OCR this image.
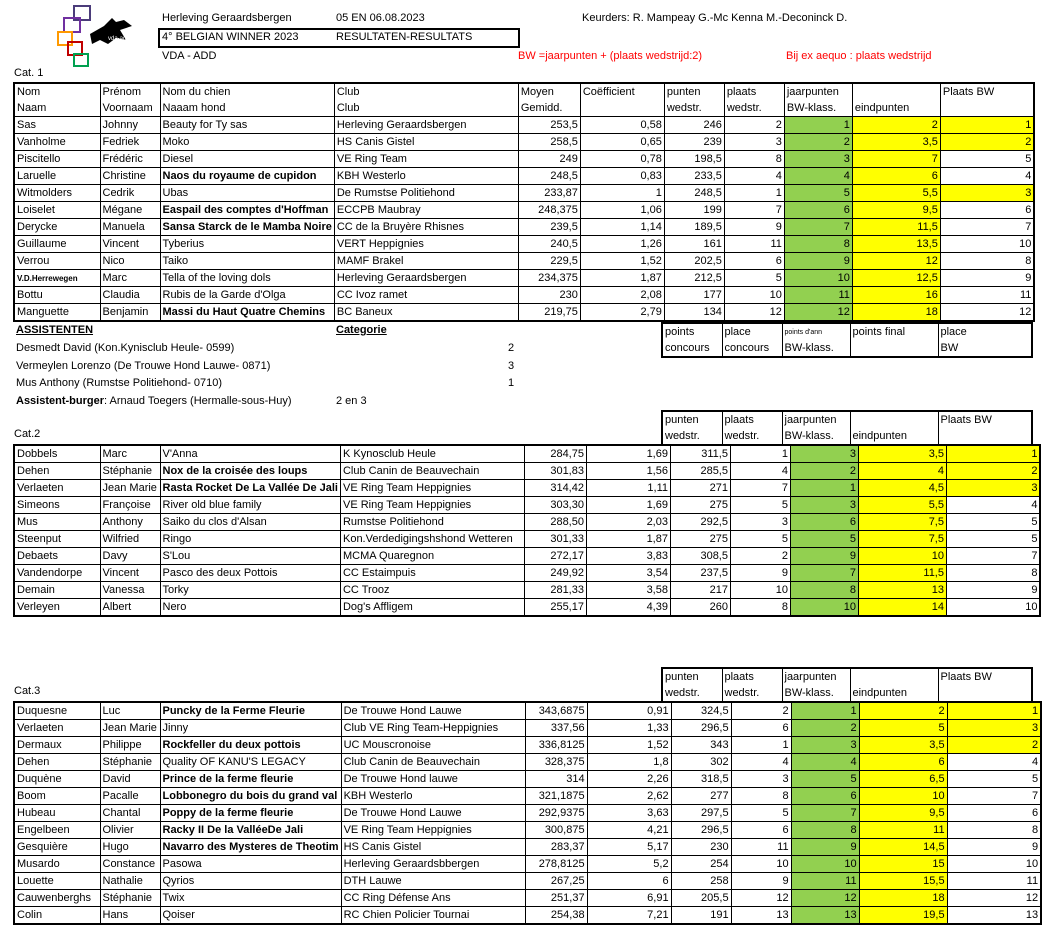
vda-add
Herleving Geraardsbergen	05 EN 06.08.2023	Keurders: R. Mampeay G.-Mc Kenna M.-Deconinck D.
4° BELGIAN WINNER 2023	RESULTATEN-RESULTATS
VDA - ADD	BW =jaarpunten + (plaats wedstrijd:2)	Bij ex aequo : plaats wedstrijd
Cat. 1
Nom	Prénom	Nom du chien	Club	Moyen	Coëfficient	punten	plaats	jaarpunten		Plaats BW
Naam	Voornaam	Naaam hond	Club	Gemidd.		wedstr.	wedstr.	BW-klass.	eindpunten	
Sas	Johnny	Beauty for Ty sas	Herleving Geraardsbergen	253,5	0,58	246	2	1	2	1
Vanholme	Fedriek	Moko	HS Canis Gistel	258,5	0,65	239	3	2	3,5	2
Piscitello	Frédéric	Diesel	VE Ring Team	249	0,78	198,5	8	3	7	5
Laruelle	Christine	Naos du royaume de cupidon	KBH Westerlo	248,5	0,83	233,5	4	4	6	4
Witmolders	Cedrik	Ubas	De Rumstse Politiehond	233,87	1	248,5	1	5	5,5	3
Loiselet	Mégane	Easpail des comptes d'Hoffman	ECCPB Maubray	248,375	1,06	199	7	6	9,5	6
Derycke	Manuela	Sansa Starck de le Mamba Noire	CC de la Bruyère Rhisnes	239,5	1,14	189,5	9	7	11,5	7
Guillaume	Vincent	Tyberius	VERT Heppignies	240,5	1,26	161	11	8	13,5	10
Verrou	Nico	Taiko	MAMF Brakel	229,5	1,52	202,5	6	9	12	8
V.D.Herrewegen	Marc	Tella of the loving dols	Herleving Geraardsbergen	234,375	1,87	212,5	5	10	12,5	9
Bottu	Claudia	Rubis de la Garde d'Olga	CC Ivoz ramet	230	2,08	177	10	11	16	11
Manguette	Benjamin	Massi du Haut Quatre Chemins	BC Baneux	219,75	2,79	134	12	12	18	12
ASSISTENTEN	Categorie
Desmedt David (Kon.Kynisclub Heule- 0599)	2
Vermeylen Lorenzo (De Trouwe Hond Lauwe- 0871)	3
Mus Anthony (Rumstse Politiehond- 0710)	1
Assistent-burger: Arnaud Toegers (Hermalle-sous-Huy)	2 en 3
points	place	points d'ann	points final	place
concours	concours	BW-klass.		BW
punten	plaats	jaarpunten		Plaats BW
wedstr.	wedstr.	BW-klass.	eindpunten	
Cat.2
Dobbels	Marc	V'Anna	K Kynosclub Heule	284,75	1,69	311,5	1	3	3,5	1
Dehen	Stéphanie	Nox de la croisée des loups	Club Canin de Beauvechain	301,83	1,56	285,5	4	2	4	2
Verlaeten	Jean Marie	Rasta Rocket De La Vallée De Jali	VE Ring Team Heppignies	314,42	1,11	271	7	1	4,5	3
Simeons	Françoise	River old blue family	VE Ring Team Heppignies	303,30	1,69	275	5	3	5,5	4
Mus	Anthony	Saiko du clos d'Alsan	Rumstse Politiehond	288,50	2,03	292,5	3	6	7,5	5
Steenput	Wilfried	Ringo	Kon.Verdedigingshshond Wetteren	301,33	1,87	275	5	5	7,5	5
Debaets	Davy	S'Lou	MCMA Quaregnon	272,17	3,83	308,5	2	9	10	7
Vandendorpe	Vincent	Pasco des deux Pottois	CC Estaimpuis	249,92	3,54	237,5	9	7	11,5	8
Demain	Vanessa	Torky	CC Trooz	281,33	3,58	217	10	8	13	9
Verleyen	Albert	Nero	Dog's Affligem	255,17	4,39	260	8	10	14	10
punten	plaats	jaarpunten		Plaats BW
wedstr.	wedstr.	BW-klass.	eindpunten	
Cat.3
Duquesne	Luc	Puncky de la Ferme Fleurie	De Trouwe Hond Lauwe	343,6875	0,91	324,5	2	1	2	1
Verlaeten	Jean Marie	Jinny	Club VE Ring Team-Heppignies	337,56	1,33	296,5	6	2	5	3
Dermaux	Philippe	Rockfeller du deux pottois	UC Mouscronoise	336,8125	1,52	343	1	3	3,5	2
Dehen	Stéphanie	Quality OF KANU'S LEGACY	Club Canin de Beauvechain	328,375	1,8	302	4	4	6	4
Duquène	David	Prince de la ferme fleurie	De Trouwe Hond lauwe	314	2,26	318,5	3	5	6,5	5
Boom	Pacalle	Lobbonegro du bois du grand val	KBH Westerlo	321,1875	2,62	277	8	6	10	7
Hubeau	Chantal	Poppy de la ferme fleurie	De Trouwe Hond Lauwe	292,9375	3,63	297,5	5	7	9,5	6
Engelbeen	Olivier	Racky II De la ValléeDe Jali	VE Ring Team Heppignies	300,875	4,21	296,5	6	8	11	8
Gesquière	Hugo	Navarro des Mysteres de Theotim	HS Canis Gistel	283,37	5,17	230	11	9	14,5	9
Musardo	Constance	Pasowa	Herleving Geraardsbbergen	278,8125	5,2	254	10	10	15	10
Louette	Nathalie	Qyrios	DTH Lauwe	267,25	6	258	9	11	15,5	11
Cauwenberghs	Stéphanie	Twix	CC Ring Défense Ans	251,37	6,91	205,5	12	12	18	12
Colin	Hans	Qoiser	RC Chien Policier Tournai	254,38	7,21	191	13	13	19,5	13
